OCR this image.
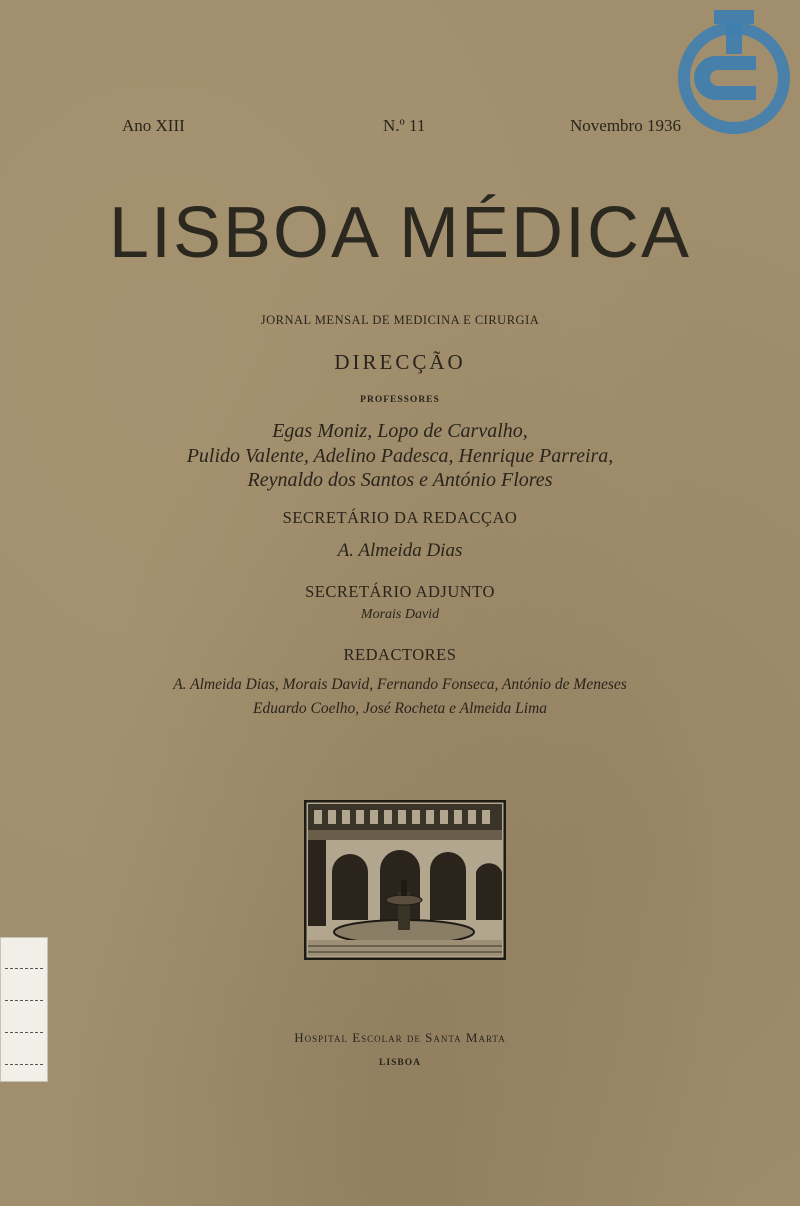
Ano XIII	N.º 11	Novembro 1936
LISBOA MÉDICA
JORNAL MENSAL DE MEDICINA E CIRURGIA
DIRECÇÃO
PROFESSORES
Egas Moniz, Lopo de Carvalho,
Pulido Valente, Adelino Padesca, Henrique Parreira,
Reynaldo dos Santos e António Flores
SECRETÁRIO DA REDACÇAO
A. Almeida Dias
SECRETÁRIO ADJUNTO
Morais David
REDACTORES
A. Almeida Dias, Morais David, Fernando Fonseca, António de Meneses
Eduardo Coelho, José Rocheta e Almeida Lima
Hospital Escolar de Santa Marta
LISBOA
